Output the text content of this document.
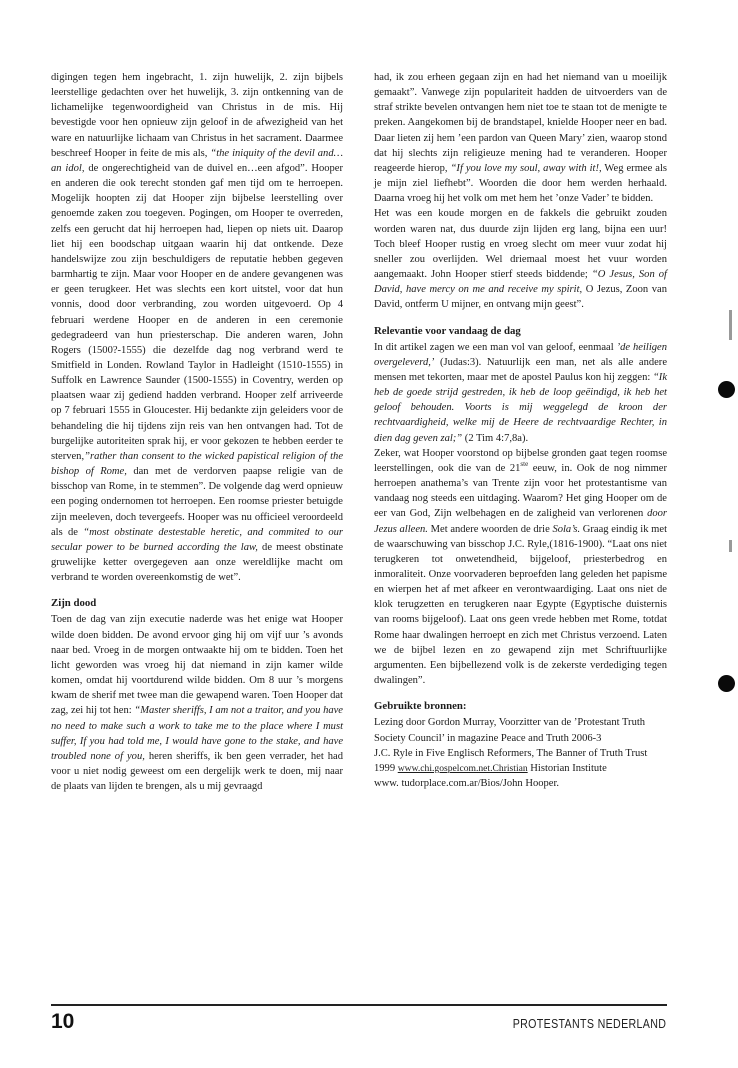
digingen tegen hem ingebracht, 1. zijn huwelijk, 2. zijn bijbels leerstellige gedachten over het huwelijk, 3. zijn ontkenning van de lichamelijke tegenwoordigheid van Christus in de mis. Hij bevestigde voor hen opnieuw zijn geloof in de afwezigheid van het ware en natuurlijke lichaam van Christus in het sacrament. Daarmee beschreef Hooper in feite de mis als, “the iniquity of the devil and…an idol, de ongerechtigheid van de duivel en…een afgod”. Hooper en anderen die ook terecht stonden gaf men tijd om te herroepen. Mogelijk hoopten zij dat Hooper zijn bijbelse leerstelling over genoemde zaken zou toegeven. Pogingen, om Hooper te overreden, zelfs een gerucht dat hij herroepen had, liepen op niets uit. Daarop liet hij een boodschap uitgaan waarin hij dat ontkende. Deze handelswijze zou zijn beschuldigers de reputatie hebben gegeven barmhartig te zijn. Maar voor Hooper en de andere gevangenen was er geen terugkeer. Het was slechts een kort uitstel, voor dat hun vonnis, dood door verbranding, zou worden uitgevoerd. Op 4 februari werdene Hooper en de anderen in een ceremonie gedegradeerd van hun priesterschap. Die anderen waren, John Rogers (1500?-1555) die dezelfde dag nog verbrand werd te Smitfield in Londen. Rowland Taylor in Hadleight (1510-1555) in Suffolk en Lawrence Saunder (1500-1555) in Coventry, werden op plaatsen waar zij gediend hadden verbrand. Hooper zelf arriveerde op 7 februari 1555 in Gloucester. Hij bedankte zijn geleiders voor de behandeling die hij tijdens zijn reis van hen ontvangen had. Tot de burgelijke autoriteiten sprak hij, er voor gekozen te hebben eerder te sterven,”rather than consent to the wicked papistical religion of the bishop of Rome, dan met de verdorven paapse religie van de bisschop van Rome, in te stemmen”. De volgende dag werd opnieuw een poging ondernomen tot herroepen. Een roomse priester betuigde zijn meeleven, doch tevergeefs. Hooper was nu officieel veroordeeld als de “most obstinate destestable heretic, and commited to our secular power to be burned according the law, de meest obstinate gruwelijke ketter overgegeven aan onze wereldlijke macht om verbrand te worden overeenkomstig de wet”.

Zijn dood

Toen de dag van zijn executie naderde was het enige wat Hooper wilde doen bidden. De avond ervoor ging hij om vijf uur ’s avonds naar bed. Vroeg in de morgen ontwaakte hij om te bidden. Toen het licht geworden was vroeg hij dat niemand in zijn kamer wilde komen, omdat hij voortdurend wilde bidden. Om 8 uur ’s morgens kwam de sherif met twee man die gewapend waren. Toen Hooper dat zag, zei hij tot hen: “Master sheriffs, I am not a traitor, and you have no need to make such a work to take me to the place where I must suffer, If you had told me, I would have gone to the stake, and have troubled none of you, heren sheriffs, ik ben geen verrader, het had voor u niet nodig geweest om een dergelijk werk te doen, mij naar de plaats van lijden te brengen, als u mij gevraagd

had, ik zou erheen gegaan zijn en had het niemand van u moeilijk gemaakt”. Vanwege zijn populariteit hadden de uitvoerders van de straf strikte bevelen ontvangen hem niet toe te staan tot de menigte te preken. Aangekomen bij de brandstapel, knielde Hooper neer en bad. Daar lieten zij hem ’een pardon van Queen Mary’ zien, waarop stond dat hij slechts zijn religieuze mening had te veranderen. Hooper reageerde hierop, “If you love my soul, away with it!, Weg ermee als je mijn ziel liefhebt”. Woorden die door hem werden herhaald. Daarna vroeg hij het volk om met hem het ’onze Vader’ te bidden.

Het was een koude morgen en de fakkels die gebruikt zouden worden waren nat, dus duurde zijn lijden erg lang, bijna een uur! Toch bleef Hooper rustig en vroeg slecht om meer vuur zodat hij sneller zou overlijden. Wel driemaal moest het vuur worden aangemaakt. John Hooper stierf steeds biddende; “O Jesus, Son of David, have mercy on me and receive my spirit, O Jezus, Zoon van David, ontferm U mijner, en ontvang mijn geest”.

Relevantie voor vandaag de dag

In dit artikel zagen we een man vol van geloof, eenmaal ’de heiligen overgeleverd,’ (Judas:3). Natuurlijk een man, net als alle andere mensen met tekorten, maar met de apostel Paulus kon hij zeggen: “Ik heb de goede strijd gestreden, ik heb de loop geëindigd, ik heb het geloof behouden. Voorts is mij weggelegd de kroon der rechtvaardigheid, welke mij de Heere de rechtvaardige Rechter, in dien dag geven zal;” (2 Tim 4:7,8a).

Zeker, wat Hooper voorstond op bijbelse gronden gaat tegen roomse leerstellingen, ook die van de 21ste eeuw, in. Ook de nog nimmer herroepen anathema’s van Trente zijn voor het protestantisme van vandaag nog steeds een uitdaging. Waarom? Het ging Hooper om de eer van God, Zijn welbehagen en de zaligheid van verlorenen door Jezus alleen. Met andere woorden de drie Sola’s. Graag eindig ik met de waarschuwing van bisschop J.C. Ryle,(1816-1900). “Laat ons niet terugkeren tot onwetendheid, bijgeloof, priesterbedrog en inmoraliteit. Onze voorvaderen beproefden lang geleden het papisme en wierpen het af met afkeer en verontwaardiging. Laat ons niet de klok terugzetten en terugkeren naar Egypte (Egyptische duisternis van rooms bijgeloof). Laat ons geen vrede hebben met Rome, totdat Rome haar dwalingen herroept en zich met Christus verzoend. Laten we de bijbel lezen en zo gewapend zijn met Schriftuurlijke argumenten. Een bijbellezend volk is de zekerste verdediging tegen dwalingen”.

Gebruikte bronnen:

Lezing door Gordon Murray, Voorzitter van de ’Protestant Truth Society Council’ in magazine Peace and Truth 2006-3

J.C. Ryle in Five Englisch Reformers, The Banner of Truth Trust 1999 www.chi.gospelcom.net.Christian Historian Institute

www. tudorplace.com.ar/Bios/John Hooper.

10	PROTESTANTS NEDERLAND
